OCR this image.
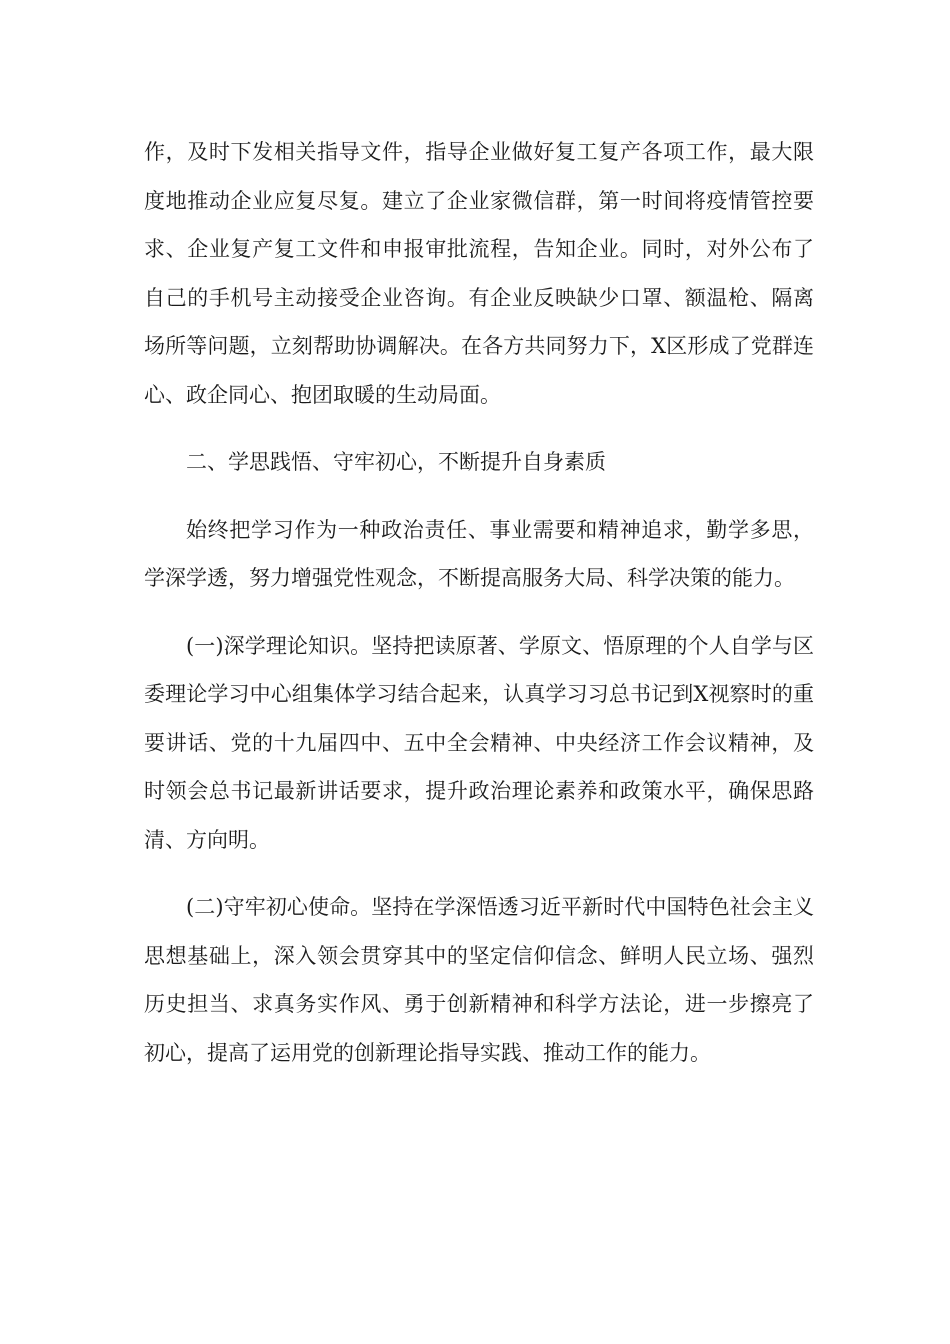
作，及时下发相关指导文件，指导企业做好复工复产各项工作，最大限度地推动企业应复尽复。建立了企业家微信群，第一时间将疫情管控要求、企业复产复工文件和申报审批流程，告知企业。同时，对外公布了自己的手机号主动接受企业咨询。有企业反映缺少口罩、额温枪、隔离场所等问题，立刻帮助协调解决。在各方共同努力下，X区形成了党群连心、政企同心、抱团取暖的生动局面。

二、学思践悟、守牢初心，不断提升自身素质

始终把学习作为一种政治责任、事业需要和精神追求，勤学多思，学深学透，努力增强党性观念，不断提高服务大局、科学决策的能力。

(一)深学理论知识。坚持把读原著、学原文、悟原理的个人自学与区委理论学习中心组集体学习结合起来，认真学习习总书记到X视察时的重要讲话、党的十九届四中、五中全会精神、中央经济工作会议精神，及时领会总书记最新讲话要求，提升政治理论素养和政策水平，确保思路清、方向明。

(二)守牢初心使命。坚持在学深悟透习近平新时代中国特色社会主义思想基础上，深入领会贯穿其中的坚定信仰信念、鲜明人民立场、强烈历史担当、求真务实作风、勇于创新精神和科学方法论，进一步擦亮了初心，提高了运用党的创新理论指导实践、推动工作的能力。
